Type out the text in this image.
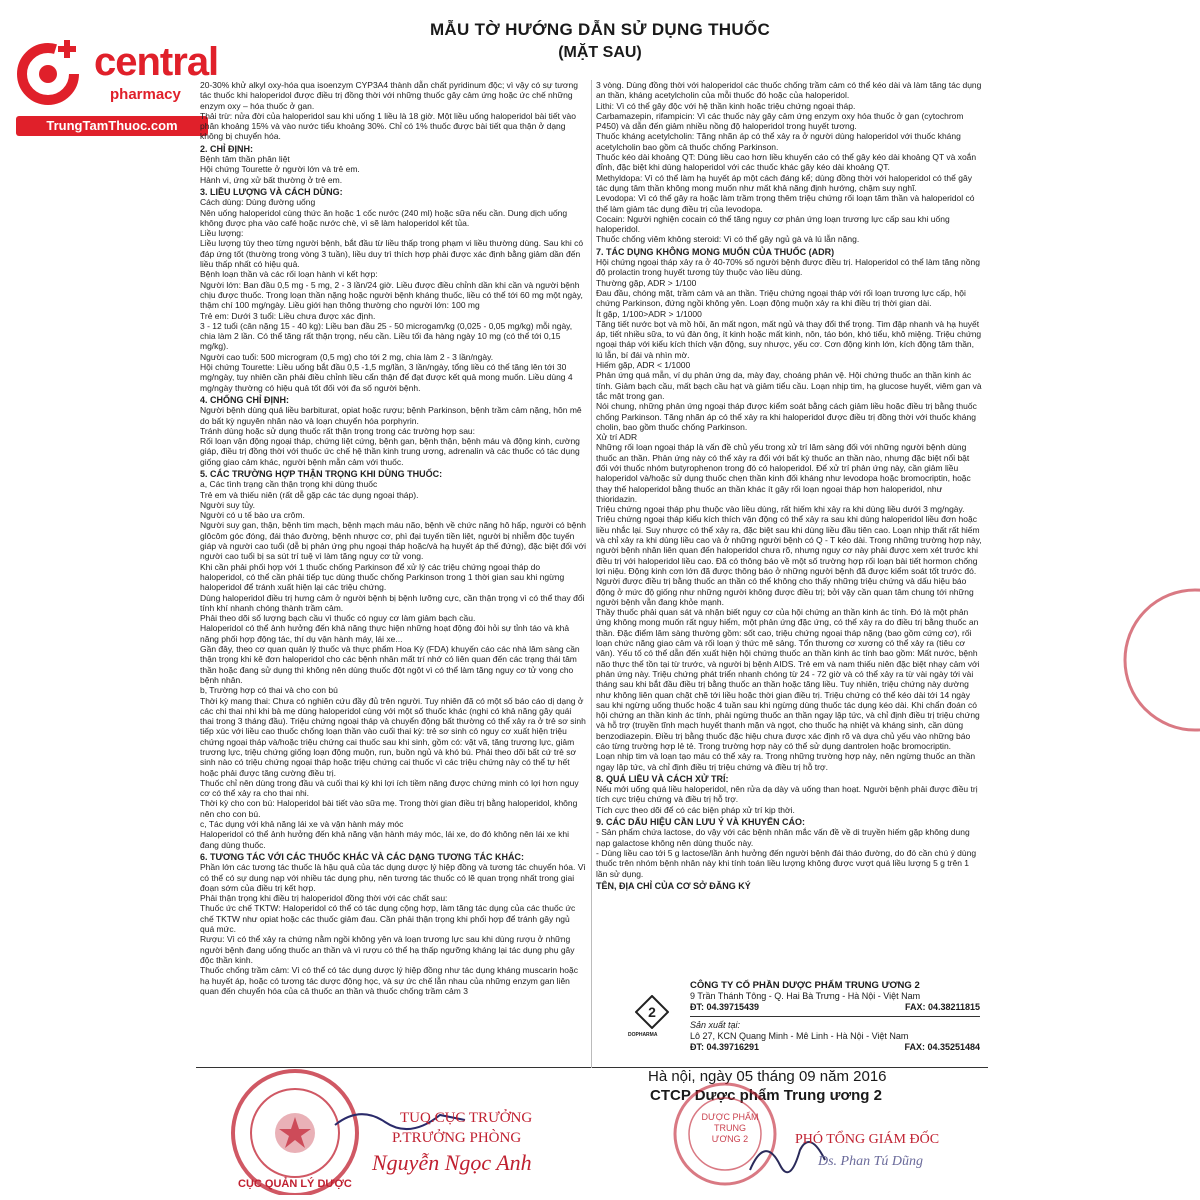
central
pharmacy
TrungTamThuoc.com
MẪU TỜ HƯỚNG DẪN SỬ DỤNG THUỐC
(MẶT SAU)

20-30% khử alkyl oxy-hóa qua isoenzym CYP3A4 thành dẫn chất pyridinum độc; vì vậy có sự tương tác thuốc khi haloperidol được điều trị đồng thời với những thuốc gây cảm ứng hoặc ức chế những enzym oxy – hóa thuốc ở gan.

Thải trừ: nửa đời của haloperidol sau khi uống 1 liều là 18 giờ. Một liều uống haloperidol bài tiết vào phân khoảng 15% và vào nước tiểu khoảng 30%. Chỉ có 1% thuốc được bài tiết qua thận ở dạng không bị chuyển hóa.

2. CHỈ ĐỊNH:

Bệnh tâm thần phân liệt

Hội chứng Tourette ở người lớn và trẻ em.

Hành vi, ứng xử bất thường ở trẻ em.

3. LIỀU LƯỢNG VÀ CÁCH DÙNG:

Cách dùng: Dùng đường uống

Nên uống haloperidol cùng thức ăn hoặc 1 cốc nước (240 ml) hoặc sữa nếu cần. Dung dịch uống không được pha vào café hoặc nước chè, vì sẽ làm haloperidol kết tủa.

Liều lượng:

Liều lượng tùy theo từng người bệnh, bắt đầu từ liều thấp trong phạm vi liều thường dùng. Sau khi có đáp ứng tốt (thường trong vòng 3 tuần), liều duy trì thích hợp phải được xác định bằng giảm dần đến liều thấp nhất có hiệu quả.

Bệnh loạn thần và các rối loạn hành vi kết hợp:

Người lớn: Ban đầu 0,5 mg - 5 mg, 2 - 3 lần/24 giờ. Liều được điều chỉnh dần khi cần và người bệnh chịu được thuốc. Trong loạn thần nặng hoặc người bệnh kháng thuốc, liều có thể tới 60 mg một ngày, thậm chí 100 mg/ngày. Liều giới hạn thông thường cho người lớn: 100 mg

Trẻ em: Dưới 3 tuổi: Liều chưa được xác định.

3 - 12 tuổi (cân nặng 15 - 40 kg): Liều ban đầu 25 - 50 microgam/kg (0,025 - 0,05 mg/kg) mỗi ngày, chia làm 2 lần. Có thể tăng rất thận trọng, nếu cần. Liều tối đa hàng ngày 10 mg (có thể tới 0,15 mg/kg).

Người cao tuổi: 500 microgram (0,5 mg) cho tới 2 mg, chia làm 2 - 3 lần/ngày.

Hội chứng Tourette: Liều uống bắt đầu 0,5 -1,5 mg/lần, 3 lần/ngày, tổng liều có thể tăng lên tới 30 mg/ngày, tuy nhiên cần phải điều chỉnh liều cẩn thận để đạt được kết quả mong muốn. Liều dùng 4 mg/ngày thường có hiệu quả tốt đối với đa số người bệnh.

4. CHỐNG CHỈ ĐỊNH:

Người bệnh dùng quá liều barbiturat, opiat hoặc rượu; bệnh Parkinson, bệnh trầm cảm nặng, hôn mê do bất kỳ nguyên nhân nào và loạn chuyển hóa porphyrin.

Tránh dùng hoặc sử dụng thuốc rất thận trọng trong các trường hợp sau:

Rối loạn vận động ngoại tháp, chứng liệt cứng, bệnh gan, bệnh thận, bệnh máu và động kinh, cường giáp, điều trị đồng thời với thuốc ức chế hệ thần kinh trung ương, adrenalin và các thuốc có tác dụng giống giao cảm khác, người bệnh mẫn cảm với thuốc.

5. CÁC TRƯỜNG HỢP THẬN TRỌNG KHI DÙNG THUỐC:

a, Các tình trạng cần thận trọng khi dùng thuốc

Trẻ em và thiếu niên (rất dễ gặp các tác dụng ngoại tháp).

Người suy tủy.

Người có u tế bào ưa crôm.

Người suy gan, thận, bệnh tim mạch, bệnh mạch máu não, bệnh về chức năng hô hấp, người có bệnh glôcôm góc đóng, đái tháo đường, bệnh nhược cơ, phì đại tuyến tiền liệt, người bị nhiễm độc tuyến giáp và người cao tuổi (dễ bị phản ứng phụ ngoại tháp hoặc/và hạ huyết áp thế đứng), đặc biệt đối với người cao tuổi bị sa sút trí tuệ vì làm tăng nguy cơ tử vong.

Khi cần phải phối hợp với 1 thuốc chống Parkinson để xử lý các triệu chứng ngoại tháp do haloperidol, có thể cần phải tiếp tục dùng thuốc chống Parkinson trong 1 thời gian sau khi ngừng haloperidol để tránh xuất hiện lại các triệu chứng.

Dùng haloperidol điều trị hưng cảm ở người bệnh bị bệnh lưỡng cực, cần thận trọng vì có thể thay đổi tính khí nhanh chóng thành trầm cảm.

Phải theo dõi số lượng bạch cầu vì thuốc có nguy cơ làm giảm bạch cầu.

Haloperidol có thể ảnh hưởng đến khả năng thực hiện những hoạt động đòi hỏi sự tỉnh táo và khả năng phối hợp động tác, thí dụ vận hành máy, lái xe...

Gần đây, theo cơ quan quản lý thuốc và thực phẩm Hoa Kỳ (FDA) khuyến cáo các nhà lâm sàng cần thận trọng khi kê đơn haloperidol cho các bệnh nhân mất trí nhớ có liên quan đến các trạng thái tâm thần hoặc đang sử dụng thì không nên dùng thuốc đột ngột vì có thể làm tăng nguy cơ tử vong cho bệnh nhân.

b, Trường hợp có thai và cho con bú

Thời kỳ mang thai: Chưa có nghiên cứu đầy đủ trên người. Tuy nhiên đã có một số báo cáo dị dạng ở các chi thai nhi khi bà mẹ dùng haloperidol cùng với một số thuốc khác (nghi có khả năng gây quái thai trong 3 tháng đầu). Triệu chứng ngoại tháp và chuyển động bất thường có thể xảy ra ở trẻ sơ sinh tiếp xúc với liều cao thuốc chống loạn thần vào cuối thai kỳ: trẻ sơ sinh có nguy cơ xuất hiện triệu chứng ngoại tháp và/hoặc triệu chứng cai thuốc sau khi sinh, gồm có: vật vã, tăng trương lực, giảm trương lực, triệu chứng giống loạn động muộn, run, buồn ngủ và khó bú. Phải theo dõi bất cứ trẻ sơ sinh nào có triệu chứng ngoại tháp hoặc triệu chứng cai thuốc vì các triệu chứng này có thể tự hết hoặc phải được tăng cường điều trị.

Thuốc chỉ nên dùng trong đầu và cuối thai kỳ khi lợi ích tiềm năng được chứng minh có lợi hơn nguy cơ có thể xảy ra cho thai nhi.

Thời kỳ cho con bú: Haloperidol bài tiết vào sữa mẹ. Trong thời gian điều trị bằng haloperidol, không nên cho con bú.

c, Tác dụng với khả năng lái xe và vận hành máy móc

Haloperidol có thể ảnh hưởng đến khả năng vận hành máy móc, lái xe, do đó không nên lái xe khi đang dùng thuốc.

6. TƯƠNG TÁC VỚI CÁC THUỐC KHÁC VÀ CÁC DẠNG TƯƠNG TÁC KHÁC:

Phần lớn các tương tác thuốc là hậu quả của tác dụng dược lý hiệp đồng và tương tác chuyển hóa. Vì có thể có sự dung nạp với nhiều tác dụng phụ, nên tương tác thuốc có lẽ quan trọng nhất trong giai đoạn sớm của điều trị kết hợp.

Phải thận trọng khi điều trị haloperidol đồng thời với các chất sau:

Thuốc ức chế TKTW: Haloperidol có thể có tác dụng cộng hợp, làm tăng tác dụng của các thuốc ức chế TKTW như opiat hoặc các thuốc giảm đau. Cần phải thận trọng khi phối hợp để tránh gây ngủ quá mức.

Rượu: Vì có thể xảy ra chứng nằm ngồi không yên và loạn trương lực sau khi dùng rượu ở những người bệnh đang uống thuốc an thần và vì rượu có thể hạ thấp ngưỡng kháng lại tác dụng phụ gây độc thần kinh.

Thuốc chống trầm cảm: Vì có thể có tác dụng dược lý hiệp đồng như tác dụng kháng muscarin hoặc hạ huyết áp, hoặc có tương tác dược động học, và sự ức chế lẫn nhau của những enzym gan liên quan đến chuyển hóa của cả thuốc an thần và thuốc chống trầm cảm 3

3 vòng. Dùng đồng thời với haloperidol các thuốc chống trầm cảm có thể kéo dài và làm tăng tác dụng an thần, kháng acetylcholin của mỗi thuốc đó hoặc của haloperidol.

Lithi: Vì có thể gây độc với hệ thần kinh hoặc triệu chứng ngoại tháp.

Carbamazepin, rifampicin: Vì các thuốc này gây cảm ứng enzym oxy hóa thuốc ở gan (cytochrom P450) và dẫn đến giảm nhiều nồng độ haloperidol trong huyết tương.

Thuốc kháng acetylcholin: Tăng nhãn áp có thể xảy ra ở người dùng haloperidol với thuốc kháng acetylcholin bao gồm cả thuốc chống Parkinson.

Thuốc kéo dài khoảng QT: Dùng liều cao hơn liều khuyến cáo có thể gây kéo dài khoảng QT và xoắn đỉnh, đặc biệt khi dùng haloperidol với các thuốc khác gây kéo dài khoảng QT.

Methyldopa: Vì có thể làm hạ huyết áp một cách đáng kể; dùng đồng thời với haloperidol có thể gây tác dụng tâm thần không mong muốn như mất khả năng định hướng, chậm suy nghĩ.

Levodopa: Vì có thể gây ra hoặc làm trầm trọng thêm triệu chứng rối loạn tâm thần và haloperidol có thể làm giảm tác dụng điều trị của levodopa.

Cocain: Người nghiện cocain có thể tăng nguy cơ phản ứng loạn trương lực cấp sau khi uống haloperidol.

Thuốc chống viêm không steroid: Vì có thể gây ngủ gà và lú lẫn nặng.

7. TÁC DỤNG KHÔNG MONG MUỐN CỦA THUỐC (ADR)

Hội chứng ngoại tháp xảy ra ở 40-70% số người bệnh được điều trị. Haloperidol có thể làm tăng nồng độ prolactin trong huyết tương tùy thuộc vào liều dùng.

Thường gặp, ADR > 1/100

Đau đầu, chóng mặt, trầm cảm và an thần. Triệu chứng ngoại tháp với rối loạn trương lực cấp, hội chứng Parkinson, đứng ngồi không yên. Loạn động muộn xảy ra khi điều trị thời gian dài.

Ít gặp, 1/100>ADR > 1/1000

Tăng tiết nước bọt và mồ hôi, ăn mất ngon, mất ngủ và thay đổi thể trọng. Tim đập nhanh và hạ huyết áp, tiết nhiều sữa, to vú đàn ông, ít kinh hoặc mất kinh, nôn, táo bón, khó tiểu, khô miệng. Triệu chứng ngoại tháp với kiểu kích thích vận động, suy nhược, yếu cơ. Cơn động kinh lớn, kích động tâm thần, lú lẫn, bí đái và nhìn mờ.

Hiếm gặp, ADR < 1/1000

Phản ứng quá mẫn, ví dụ phản ứng da, mày đay, choáng phản vệ. Hội chứng thuốc an thần kinh ác tính. Giảm bạch cầu, mất bạch cầu hạt và giảm tiểu cầu. Loạn nhịp tim, hạ glucose huyết, viêm gan và tắc mật trong gan.

Nói chung, những phản ứng ngoại tháp được kiểm soát bằng cách giảm liều hoặc điều trị bằng thuốc chống Parkinson. Tăng nhãn áp có thể xảy ra khi haloperidol được điều trị đồng thời với thuốc kháng cholin, bao gồm thuốc chống Parkinson.

Xử trí ADR

Những rối loạn ngoại tháp là vấn đề chủ yếu trong xử trí lâm sàng đối với những người bệnh dùng thuốc an thần. Phản ứng này có thể xảy ra đối với bất kỳ thuốc an thần nào, nhưng đặc biệt nổi bật đối với thuốc nhóm butyrophenon trong đó có haloperidol. Để xử trí phản ứng này, cần giảm liều haloperidol và/hoặc sử dụng thuốc chẹn thần kinh đối kháng như levodopa hoặc bromocriptin, hoặc thay thế haloperidol bằng thuốc an thần khác ít gây rối loạn ngoại tháp hơn haloperidol, như thioridazin.

Triệu chứng ngoại tháp phụ thuộc vào liều dùng, rất hiếm khi xảy ra khi dùng liều dưới 3 mg/ngày. Triệu chứng ngoại tháp kiểu kích thích vận động có thể xảy ra sau khi dùng haloperidol liều đơn hoặc liều nhắc lại. Suy nhược có thể xảy ra, đặc biệt sau khi dùng liều đầu tiên cao. Loạn nhịp thất rất hiếm và chỉ xảy ra khi dùng liều cao và ở những người bệnh có Q - T kéo dài. Trong những trường hợp này, người bệnh nhân liên quan đến haloperidol chưa rõ, nhưng nguy cơ này phải được xem xét trước khi điều trị với haloperidol liều cao. Đã có thông báo về một số trường hợp rối loạn bài tiết hormon chống lợi niệu. Động kinh cơn lớn đã được thông báo ở những người bệnh đã được kiểm soát tốt trước đó. Người được điều trị bằng thuốc an thần có thể không cho thấy những triệu chứng và dấu hiệu báo động ở mức độ giống như những người không được điều trị; bởi vậy cần quan tâm chung tới những người bệnh vẫn đang khỏe mạnh.

Thầy thuốc phải quan sát và nhận biết nguy cơ của hội chứng an thần kinh ác tính. Đó là một phản ứng không mong muốn rất nguy hiểm, một phản ứng đặc ứng, có thể xảy ra do điều trị bằng thuốc an thần. Đặc điểm lâm sàng thường gồm: sốt cao, triệu chứng ngoại tháp nặng (bao gồm cứng cơ), rối loạn chức năng giao cảm và rối loạn ý thức mê sảng. Tổn thương cơ xương có thể xảy ra (tiêu cơ vân). Yếu tố có thể dẫn đến xuất hiện hội chứng thuốc an thần kinh ác tính bao gồm: Mất nước, bệnh não thực thể tồn tại từ trước, và người bị bệnh AIDS. Trẻ em và nam thiếu niên đặc biệt nhạy cảm với phản ứng này. Triệu chứng phát triển nhanh chóng từ 24 - 72 giờ và có thể xảy ra từ vài ngày tới vài tháng sau khi bắt đầu điều trị bằng thuốc an thần hoặc tăng liều. Tuy nhiên, triệu chứng này dường như không liên quan chặt chẽ tới liều hoặc thời gian điều trị. Triệu chứng có thể kéo dài tới 14 ngày sau khi ngừng uống thuốc hoặc 4 tuần sau khi ngừng dùng thuốc tác dụng kéo dài. Khi chẩn đoán có hội chứng an thần kinh ác tính, phải ngừng thuốc an thần ngay lập tức, và chỉ định điều trị triệu chứng và hỗ trợ (truyền tĩnh mạch huyết thanh mặn và ngọt, cho thuốc hạ nhiệt và kháng sinh, cần dùng benzodiazepin. Điều trị bằng thuốc đặc hiệu chưa được xác định rõ và dựa chủ yếu vào những báo cáo từng trường hợp lẻ tẻ. Trong trường hợp này có thể sử dụng dantrolen hoặc bromocriptin.

Loạn nhịp tim và loạn tạo máu có thể xảy ra. Trong những trường hợp này, nên ngừng thuốc an thần ngay lập tức, và chỉ định điều trị triệu chứng và điều trị hỗ trợ.

8. QUÁ LIỀU VÀ CÁCH XỬ TRÍ:

Nếu mới uống quá liều haloperidol, nên rửa dạ dày và uống than hoạt. Người bệnh phải được điều trị tích cực triệu chứng và điều trị hỗ trợ.

Tích cực theo dõi để có các biện pháp xử trí kịp thời.

9. CÁC DẤU HIỆU CẦN LƯU Ý VÀ KHUYẾN CÁO:

- Sản phẩm chứa lactose, do vậy với các bệnh nhân mắc vấn đề về di truyền hiếm gặp không dung nạp galactose không nên dùng thuốc này.

- Dùng liều cao tới 5 g lactose/lần ảnh hưởng đến người bệnh đái tháo đường, do đó cần chú ý dùng thuốc trên nhóm bệnh nhân này khi tính toán liều lượng không được vượt quá liều lượng 5 g trên 1 lần sử dụng.

TÊN, ĐỊA CHỈ CỦA CƠ SỞ ĐĂNG KÝ

2
CÔNG TY CỔ PHẦN DƯỢC PHẨM TRUNG ƯƠNG 2
9 Trần Thánh Tông - Q. Hai Bà Trưng - Hà Nội - Việt Nam
ĐT: 04.39715439	FAX: 04.38211815
Sản xuất tại:
Lô 27, KCN Quang Minh - Mê Linh - Hà Nội - Việt Nam
ĐT: 04.39716291	FAX: 04.35251484
DOPHARMA
Hà nội, ngày 05 tháng 09 năm 2016
CTCP Dược phẩm Trung ương 2
CỤC QUẢN LÝ DƯỢC
DƯỢC PHẨM TRUNG ƯƠNG 2
TUQ.CỤC TRƯỞNG
P.TRƯỞNG PHÒNG
Nguyễn Ngọc Anh
PHÓ TỔNG GIÁM ĐỐC
Ds. Phan Tú Dũng
